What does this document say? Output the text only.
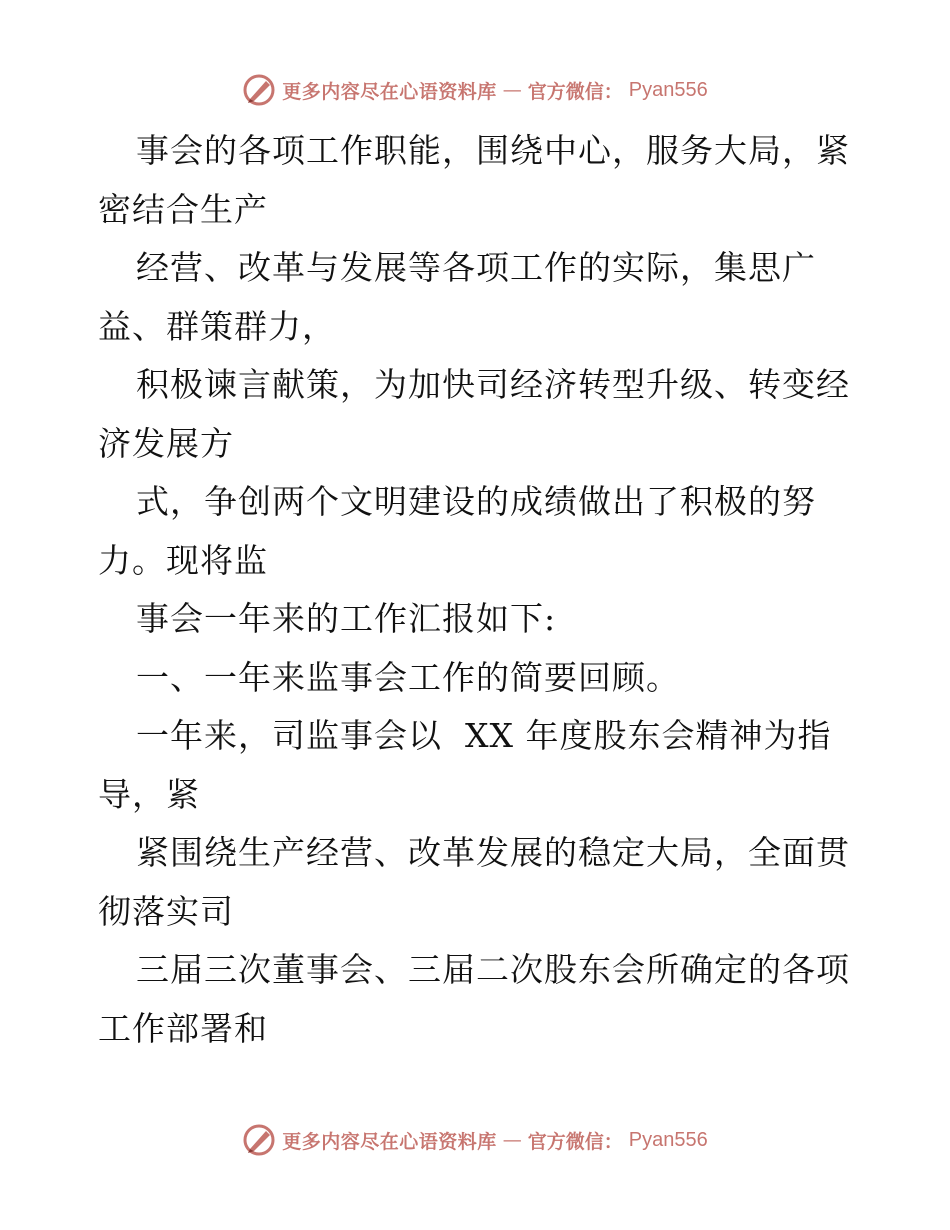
更多内容尽在心语资料库 — 官方微信： Pyan556

事会的各项工作职能，围绕中心，服务大局，紧密结合生产

经营、改革与发展等各项工作的实际，集思广益、群策群力，

积极谏言献策，为加快司经济转型升级、转变经济发展方

式，争创两个文明建设的成绩做出了积极的努力。现将监

事会一年来的工作汇报如下:

一、一年来监事会工作的简要回顾。

一年来，司监事会以  XX 年度股东会精神为指导，紧

紧围绕生产经营、改革发展的稳定大局，全面贯彻落实司

三届三次董事会、三届二次股东会所确定的各项工作部署和

更多内容尽在心语资料库 — 官方微信： Pyan556
